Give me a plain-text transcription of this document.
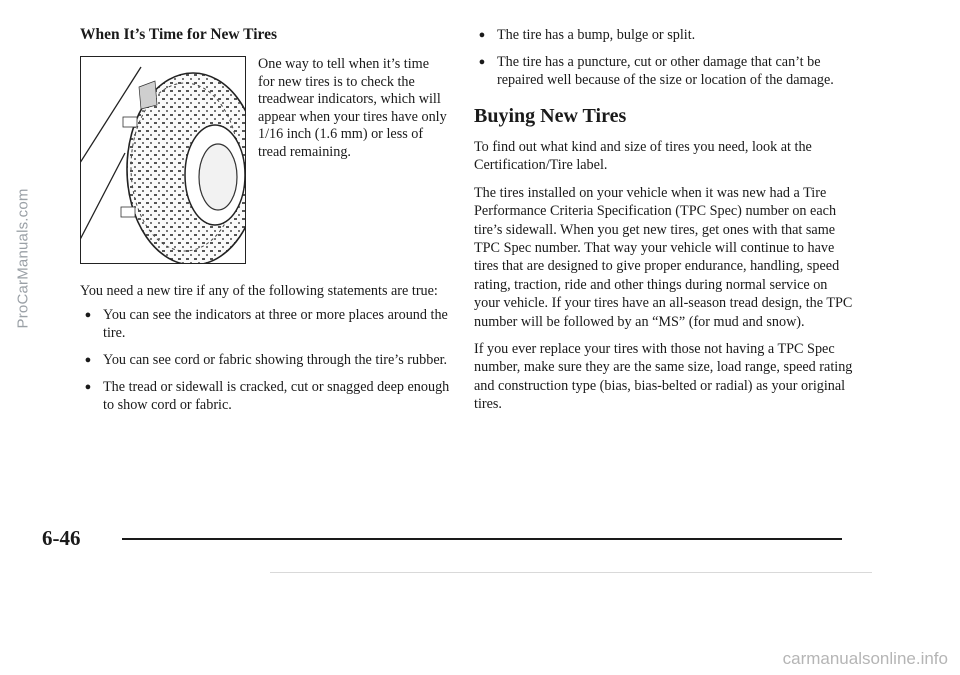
When It’s Time for New Tires

One way to tell when it’s time for new tires is to check the treadwear indicators, which will appear when your tires have only 1/16 inch (1.6 mm) or less of tread remaining.

You need a new tire if any of the following statements are true:

● You can see the indicators at three or more places around the tire.
● You can see cord or fabric showing through the tire’s rubber.
● The tread or sidewall is cracked, cut or snagged deep enough to show cord or fabric.
● The tire has a bump, bulge or split.
● The tire has a puncture, cut or other damage that can’t be repaired well because of the size or location of the damage.
Buying New Tires

To find out what kind and size of tires you need, look at the Certification/Tire label.

The tires installed on your vehicle when it was new had a Tire Performance Criteria Specification (TPC Spec) number on each tire’s sidewall. When you get new tires, get ones with that same TPC Spec number. That way your vehicle will continue to have tires that are designed to give proper endurance, handling, speed rating, traction, ride and other things during normal service on your vehicle. If your tires have an all-season tread design, the TPC number will be followed by an “MS” (for mud and snow).

If you ever replace your tires with those not having a TPC Spec number, make sure they are the same size, load range, speed rating and construction type (bias, bias-belted or radial) as your original tires.

6-46
ProCarManuals.com
carmanualsonline.info
